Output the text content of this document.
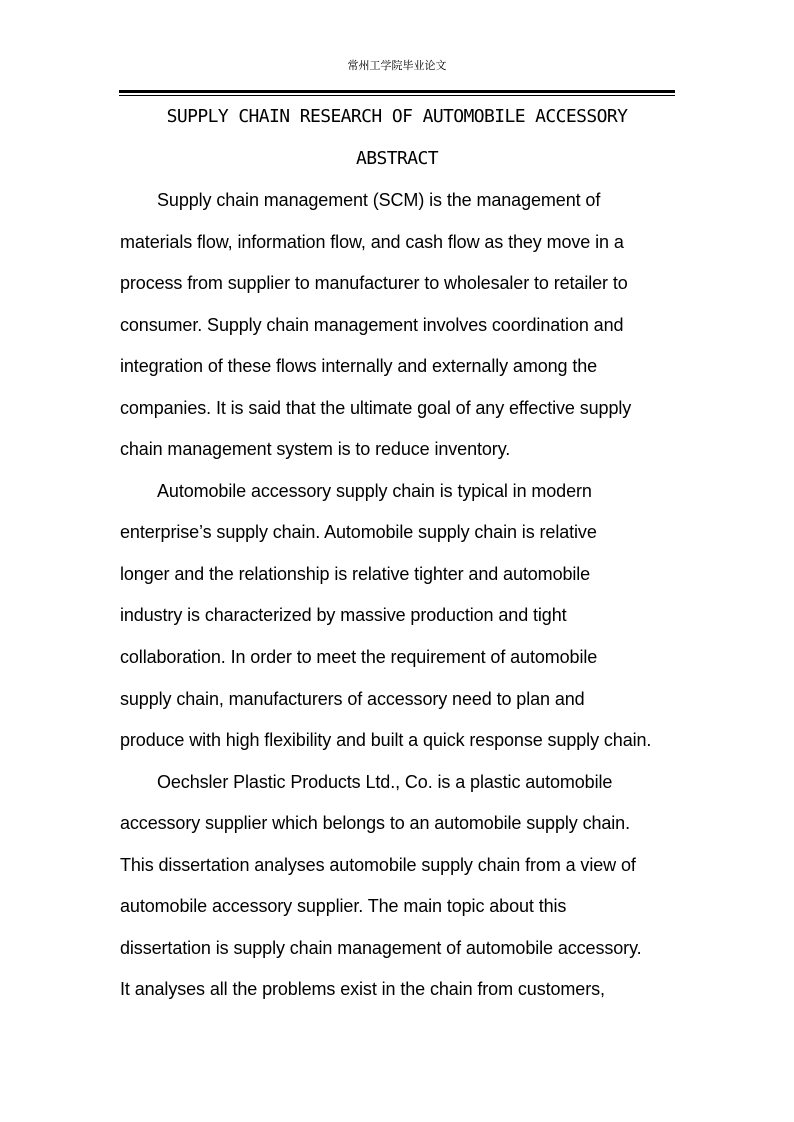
常州工学院毕业论文
SUPPLY CHAIN RESEARCH OF AUTOMOBILE ACCESSORY
ABSTRACT
Supply chain management (SCM) is the management of
materials flow, information flow, and cash flow as they move in a
process from supplier to manufacturer to wholesaler to retailer to
consumer. Supply chain management involves coordination and
integration of these flows internally and externally among the
companies. It is said that the ultimate goal of any effective supply
chain management system is to reduce inventory.
Automobile accessory supply chain is typical in modern
enterprise’s supply chain. Automobile supply chain is relative
longer and the relationship is relative tighter and automobile
industry is characterized by massive production and tight
collaboration. In order to meet the requirement of automobile
supply chain, manufacturers of accessory need to plan and
produce with high flexibility and built a quick response supply chain.
Oechsler Plastic Products Ltd., Co. is a plastic automobile
accessory supplier which belongs to an automobile supply chain.
This dissertation analyses automobile supply chain from a view of
automobile accessory supplier. The main topic about this
dissertation is supply chain management of automobile accessory.
It analyses all the problems exist in the chain from customers,
